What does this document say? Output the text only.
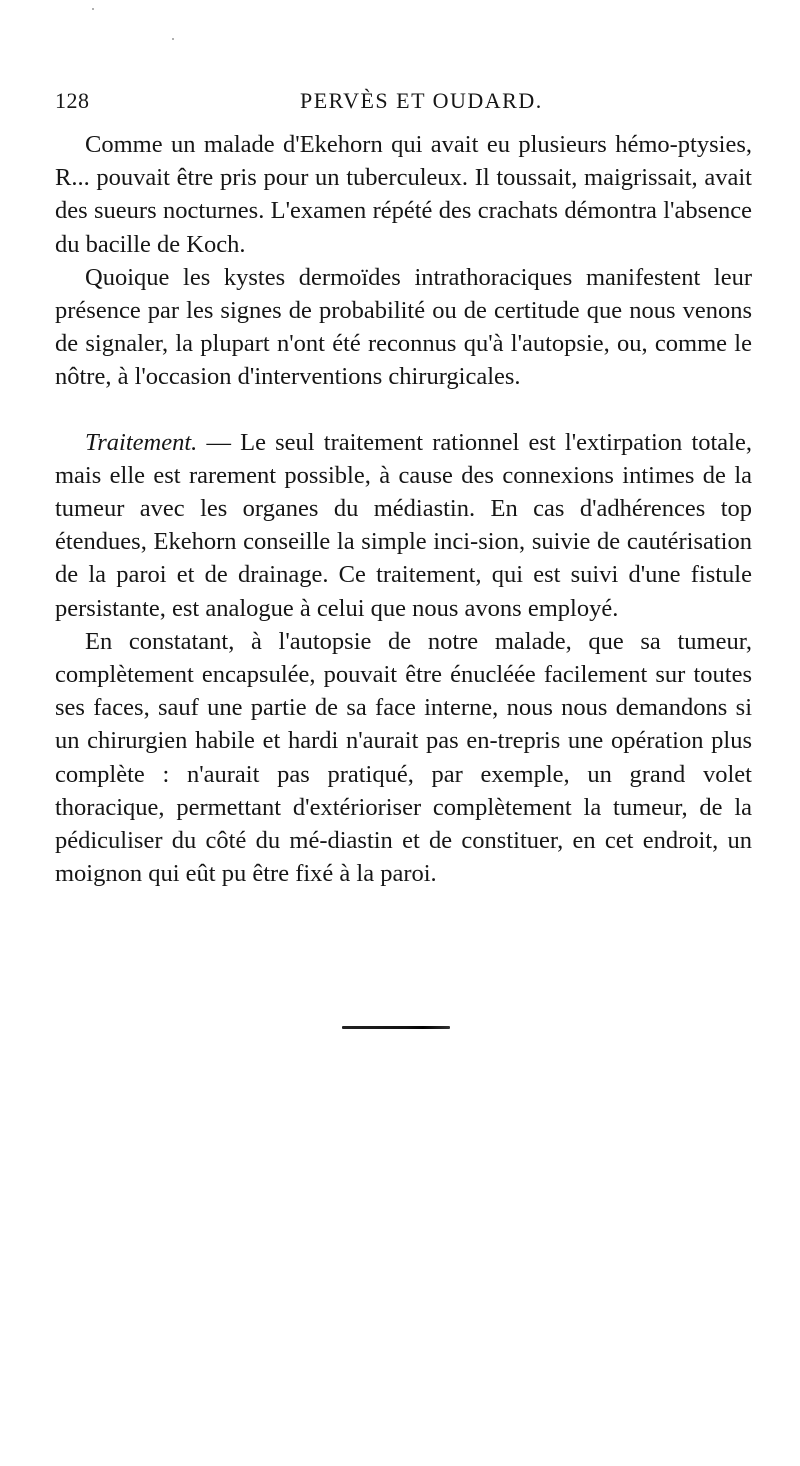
128	PERVÈS ET OUDARD.

Comme un malade d'Ekehorn qui avait eu plusieurs hémo-ptysies, R... pouvait être pris pour un tuberculeux. Il toussait, maigrissait, avait des sueurs nocturnes. L'examen répété des crachats démontra l'absence du bacille de Koch.

Quoique les kystes dermoïdes intrathoraciques manifestent leur présence par les signes de probabilité ou de certitude que nous venons de signaler, la plupart n'ont été reconnus qu'à l'autopsie, ou, comme le nôtre, à l'occasion d'interventions chirurgicales.

Traitement. — Le seul traitement rationnel est l'extirpation totale, mais elle est rarement possible, à cause des connexions intimes de la tumeur avec les organes du médiastin. En cas d'adhérences top étendues, Ekehorn conseille la simple inci-sion, suivie de cautérisation de la paroi et de drainage. Ce traitement, qui est suivi d'une fistule persistante, est analogue à celui que nous avons employé.

En constatant, à l'autopsie de notre malade, que sa tumeur, complètement encapsulée, pouvait être énucléée facilement sur toutes ses faces, sauf une partie de sa face interne, nous nous demandons si un chirurgien habile et hardi n'aurait pas en-trepris une opération plus complète : n'aurait pas pratiqué, par exemple, un grand volet thoracique, permettant d'extérioriser complètement la tumeur, de la pédiculiser du côté du mé-diastin et de constituer, en cet endroit, un moignon qui eût pu être fixé à la paroi.
